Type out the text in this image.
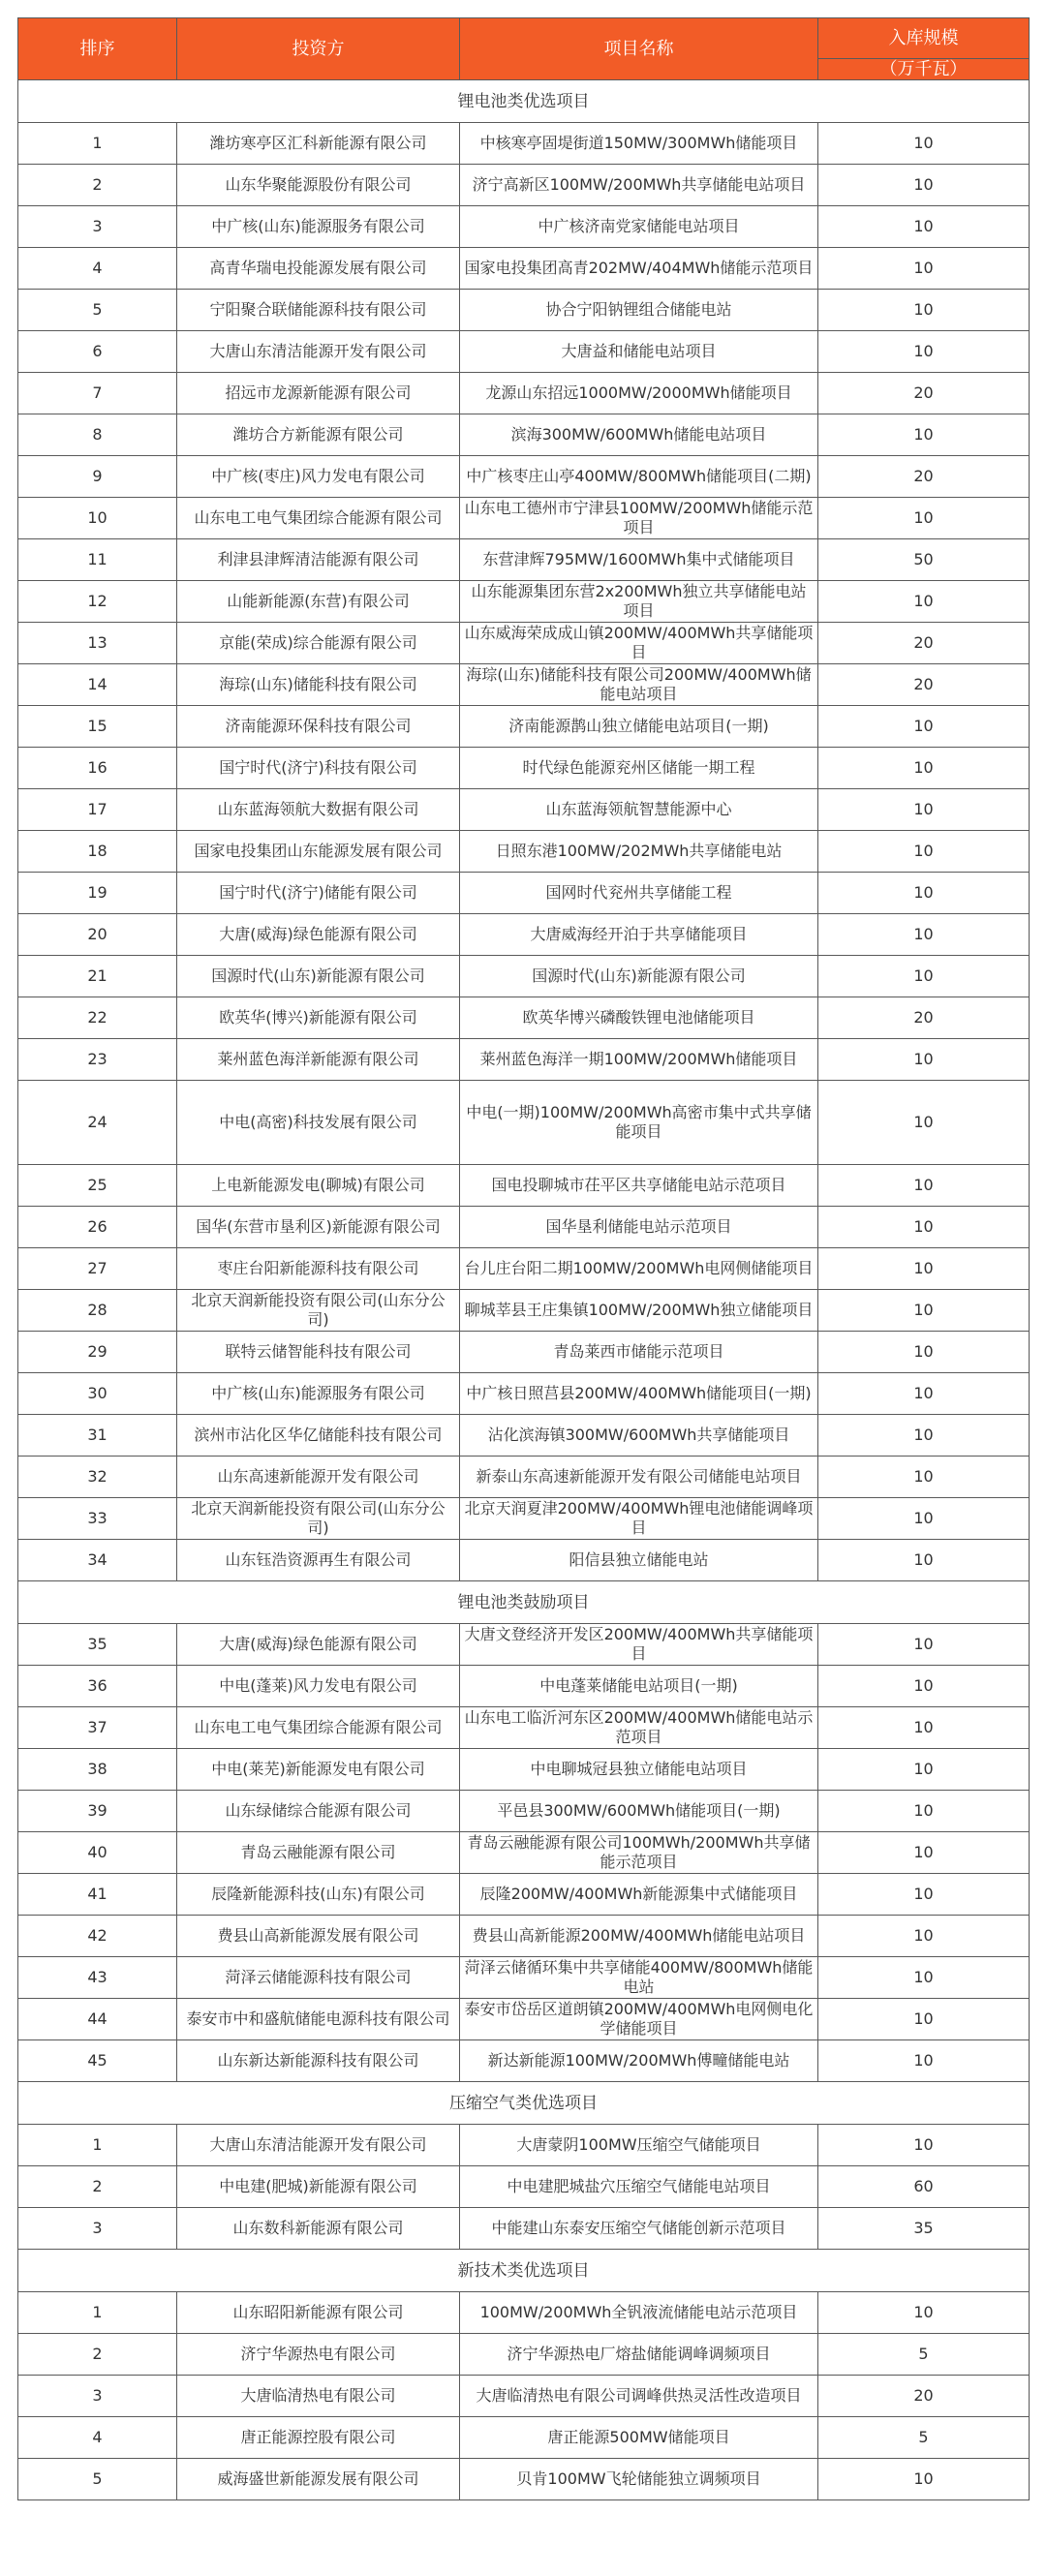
排序	投资方	项目名称	入库规模
			（万千瓦）
锂电池类优选项目			
1	潍坊寒亭区汇科新能源有限公司	中核寒亭固堤街道150MW/300MWh储能项目	10
2	山东华聚能源股份有限公司	济宁高新区100MW/200MWh共享储能电站项目	10
3	中广核(山东)能源服务有限公司	中广核济南党家储能电站项目	10
4	高青华瑞电投能源发展有限公司	国家电投集团高青202MW/404MWh储能示范项目	10
5	宁阳聚合联储能源科技有限公司	协合宁阳钠锂组合储能电站	10
6	大唐山东清洁能源开发有限公司	大唐益和储能电站项目	10
7	招远市龙源新能源有限公司	龙源山东招远1000MW/2000MWh储能项目	20
8	潍坊合方新能源有限公司	滨海300MW/600MWh储能电站项目	10
9	中广核(枣庄)风力发电有限公司	中广核枣庄山亭400MW/800MWh储能项目(二期)	20
10	山东电工电气集团综合能源有限公司	山东电工德州市宁津县100MW/200MWh储能示范项目	10
11	利津县津辉清洁能源有限公司	东营津辉795MW/1600MWh集中式储能项目	50
12	山能新能源(东营)有限公司	山东能源集团东营2x200MWh独立共享储能电站项目	10
13	京能(荣成)综合能源有限公司	山东威海荣成成山镇200MW/400MWh共享储能项目	20
14	海琮(山东)储能科技有限公司	海琮(山东)储能科技有限公司200MW/400MWh储能电站项目	20
15	济南能源环保科技有限公司	济南能源鹊山独立储能电站项目(一期)	10
16	国宁时代(济宁)科技有限公司	时代绿色能源兖州区储能一期工程	10
17	山东蓝海领航大数据有限公司	山东蓝海领航智慧能源中心	10
18	国家电投集团山东能源发展有限公司	日照东港100MW/202MWh共享储能电站	10
19	国宁时代(济宁)储能有限公司	国网时代兖州共享储能工程	10
20	大唐(威海)绿色能源有限公司	大唐威海经开泊于共享储能项目	10
21	国源时代(山东)新能源有限公司	国源时代(山东)新能源有限公司	10
22	欧英华(博兴)新能源有限公司	欧英华博兴磷酸铁锂电池储能项目	20
23	莱州蓝色海洋新能源有限公司	莱州蓝色海洋一期100MW/200MWh储能项目	10
24	中电(高密)科技发展有限公司	中电(一期)100MW/200MWh高密市集中式共享储能项目	10
25	上电新能源发电(聊城)有限公司	国电投聊城市茌平区共享储能电站示范项目	10
26	国华(东营市垦利区)新能源有限公司	国华垦利储能电站示范项目	10
27	枣庄台阳新能源科技有限公司	台儿庄台阳二期100MW/200MWh电网侧储能项目	10
28	北京天润新能投资有限公司(山东分公司)	聊城莘县王庄集镇100MW/200MWh独立储能项目	10
29	联特云储智能科技有限公司	青岛莱西市储能示范项目	10
30	中广核(山东)能源服务有限公司	中广核日照莒县200MW/400MWh储能项目(一期)	10
31	滨州市沾化区华亿储能科技有限公司	沾化滨海镇300MW/600MWh共享储能项目	10
32	山东高速新能源开发有限公司	新泰山东高速新能源开发有限公司储能电站项目	10
33	北京天润新能投资有限公司(山东分公司)	北京天润夏津200MW/400MWh锂电池储能调峰项目	10
34	山东钰浩资源再生有限公司	阳信县独立储能电站	10
锂电池类鼓励项目			
35	大唐(威海)绿色能源有限公司	大唐文登经济开发区200MW/400MWh共享储能项目	10
36	中电(蓬莱)风力发电有限公司	中电蓬莱储能电站项目(一期)	10
37	山东电工电气集团综合能源有限公司	山东电工临沂河东区200MW/400MWh储能电站示范项目	10
38	中电(莱芜)新能源发电有限公司	中电聊城冠县独立储能电站项目	10
39	山东绿储综合能源有限公司	平邑县300MW/600MWh储能项目(一期)	10
40	青岛云融能源有限公司	青岛云融能源有限公司100MWh/200MWh共享储能示范项目	10
41	辰隆新能源科技(山东)有限公司	辰隆200MW/400MWh新能源集中式储能项目	10
42	费县山高新能源发展有限公司	费县山高新能源200MW/400MWh储能电站项目	10
43	菏泽云储能源科技有限公司	菏泽云储循环集中共享储能400MW/800MWh储能电站	10
44	泰安市中和盛航储能电源科技有限公司	泰安市岱岳区道朗镇200MW/400MWh电网侧电化学储能项目	10
45	山东新达新能源科技有限公司	新达新能源100MW/200MWh傅疃储能电站	10
压缩空气类优选项目			
1	大唐山东清洁能源开发有限公司	大唐蒙阴100MW压缩空气储能项目	10
2	中电建(肥城)新能源有限公司	中电建肥城盐穴压缩空气储能电站项目	60
3	山东数科新能源有限公司	中能建山东泰安压缩空气储能创新示范项目	35
新技术类优选项目			
1	山东昭阳新能源有限公司	100MW/200MWh全钒液流储能电站示范项目	10
2	济宁华源热电有限公司	济宁华源热电厂熔盐储能调峰调频项目	5
3	大唐临清热电有限公司	大唐临清热电有限公司调峰供热灵活性改造项目	20
4	唐正能源控股有限公司	唐正能源500MW储能项目	5
5	威海盛世新能源发展有限公司	贝肯100MW飞轮储能独立调频项目	10
